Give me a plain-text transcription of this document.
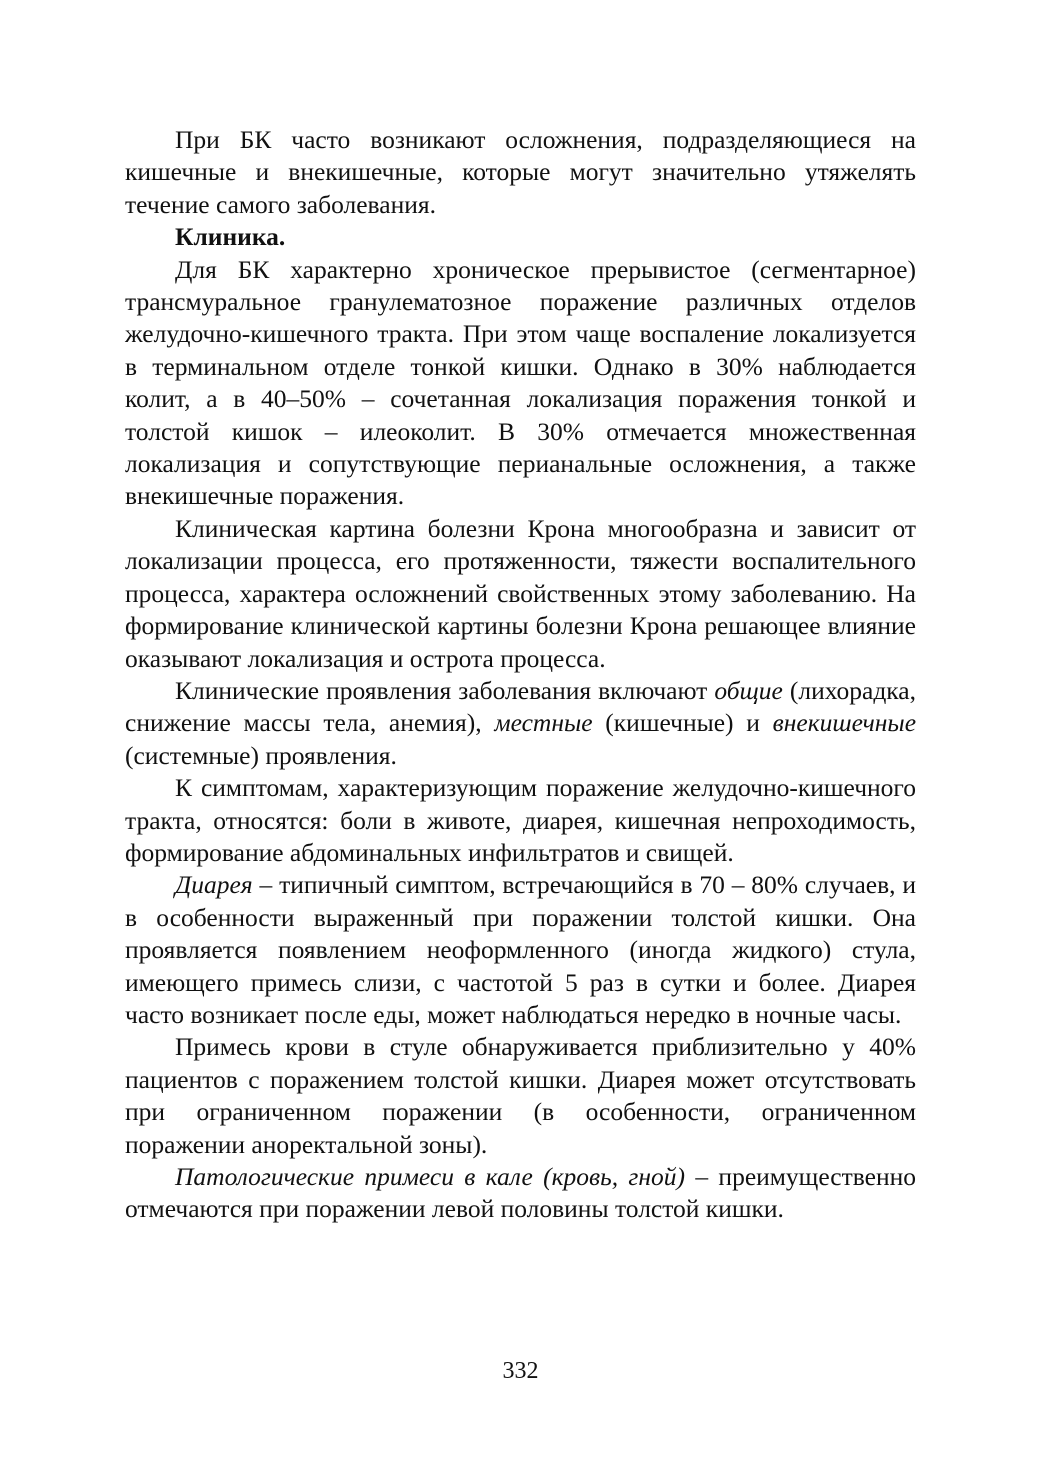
При БК часто возникают осложнения, подразделяющиеся на кишечные и внекишечные, которые могут значительно утяжелять течение самого заболевания.

Клиника.

Для БК характерно хроническое прерывистое (сегментарное) трансмуральное гранулематозное поражение различных отделов желудочно-кишечного тракта. При этом чаще воспаление локализуется в терминальном отделе тонкой кишки. Однако в 30% наблюдается колит, а в 40–50% – сочетанная локализация поражения тонкой и толстой кишок – илеоколит. В 30% отмечается множественная локализация и сопутствующие перианальные осложнения, а также внекишечные поражения.

Клиническая картина болезни Крона многообразна и зависит от локализации процесса, его протяженности, тяжести воспалительного процесса, характера осложнений свойственных этому заболеванию. На формирование клинической картины болезни Крона решающее влияние оказывают локализация и острота процесса.

Клинические проявления заболевания включают общие (лихорадка, снижение массы тела, анемия), местные (кишечные) и внекишечные (системные) проявления.

К симптомам, характеризующим поражение желудочно-кишечного тракта, относятся: боли в животе, диарея, кишечная непроходимость, формирование абдоминальных инфильтратов и свищей.

Диарея – типичный симптом, встречающийся в 70 – 80% случаев, и в особенности выраженный при поражении толстой кишки. Она проявляется появлением неоформленного (иногда жидкого) стула, имеющего примесь слизи, с частотой 5 раз в сутки и более. Диарея часто возникает после еды, может наблюдаться нередко в ночные часы.

Примесь крови в стуле обнаруживается приблизительно у 40% пациентов с поражением толстой кишки. Диарея может отсутствовать при ограниченном поражении (в особенности, ограниченном поражении аноректальной зоны).

Патологические примеси в кале (кровь, гной) – преимущественно отмечаются при поражении левой половины толстой кишки.

332
